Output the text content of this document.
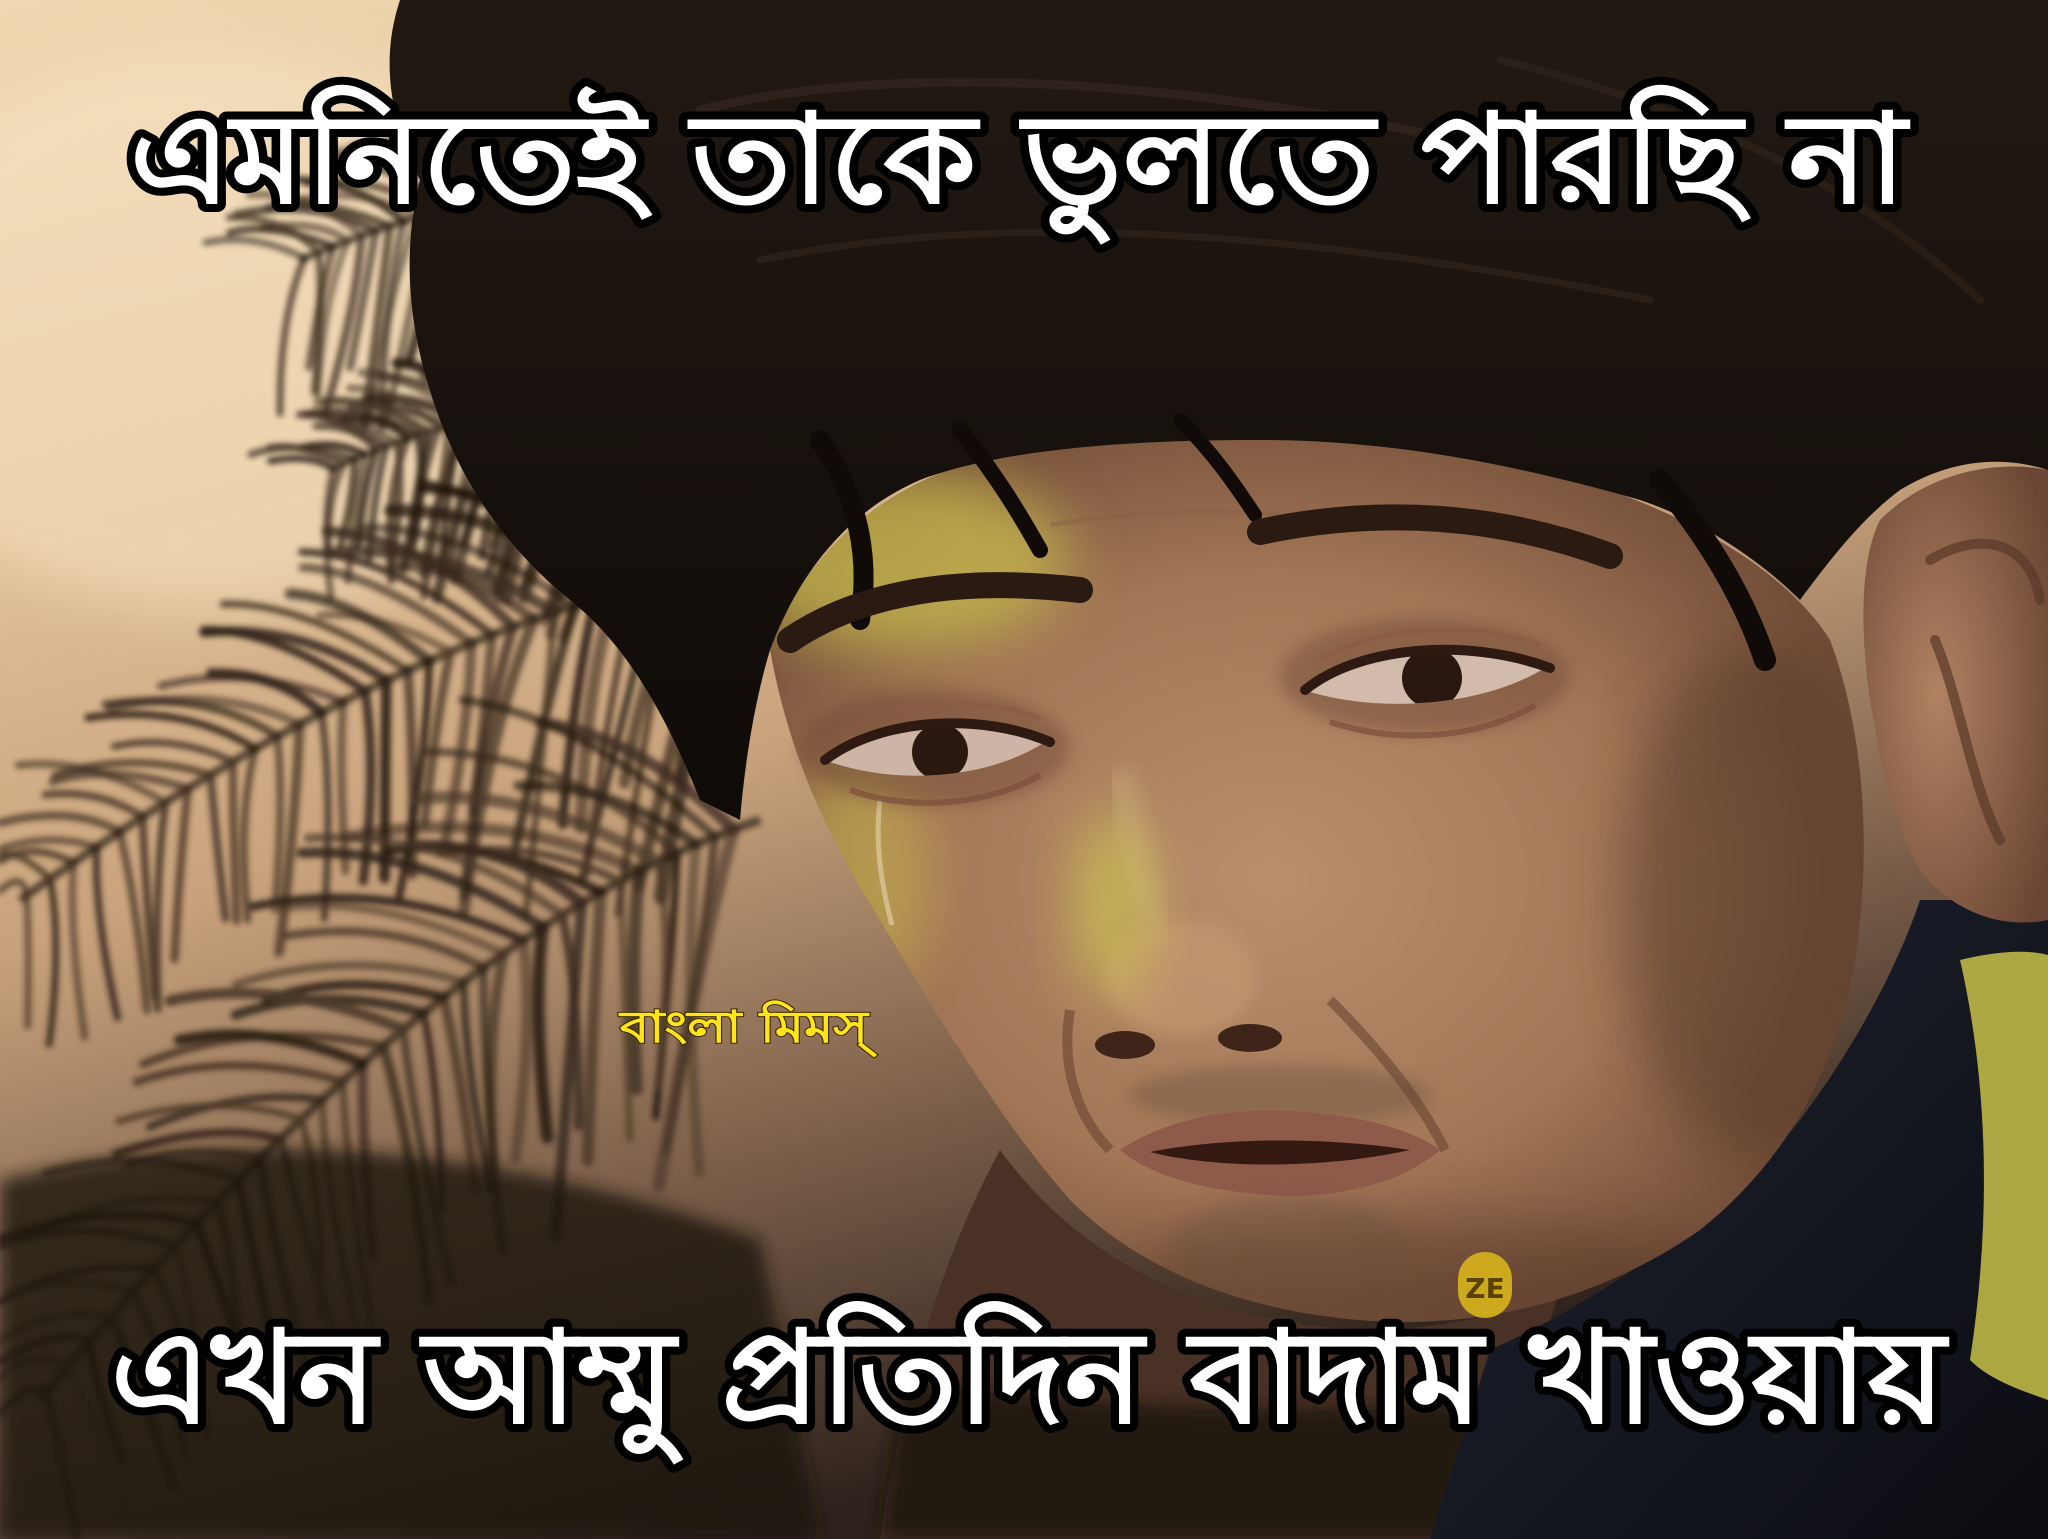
বাংলা মিমস্
ZE
এমনিতেই তাকে ভুলতে পারছি না
এখন আম্মু প্রতিদিন বাদাম খাওয়ায়
